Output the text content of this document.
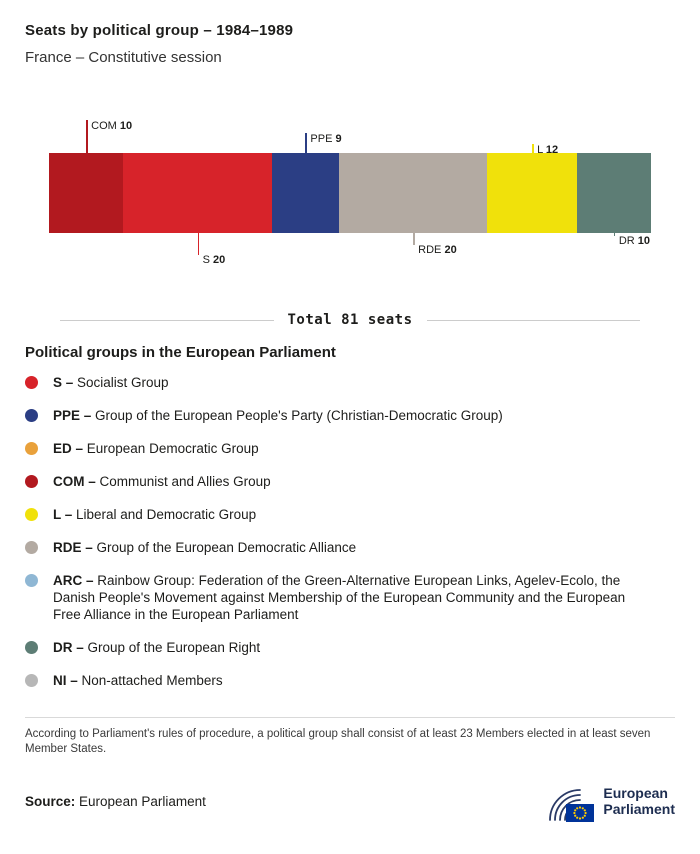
Seats by political group – 1984–1989
France – Constitutive session
COM 10
S 20
PPE 9
RDE 20
L 12
DR 10
Total 81 seats
Political groups in the European Parliament
S – Socialist Group
PPE – Group of the European People's Party (Christian-Democratic Group)
ED – European Democratic Group
COM – Communist and Allies Group
L – Liberal and Democratic Group
RDE – Group of the European Democratic Alliance
ARC – Rainbow Group: Federation of the Green-Alternative European Links, Agelev-Ecolo, the Danish People's Movement against Membership of the European Community and the European Free Alliance in the European Parliament
DR – Group of the European Right
NI – Non-attached Members

According to Parliament's rules of procedure, a political group shall consist of at least 23 Members elected in at least seven Member States.

Source: European Parliament	European
Parliament
